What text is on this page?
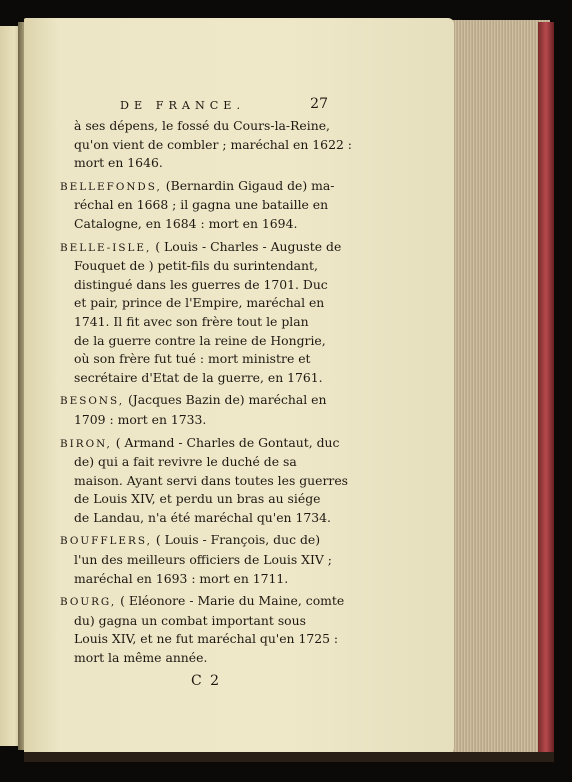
DE FRANCE.	27
à ses dépens, le fossé du Cours-la-Reine,
qu'on vient de combler ; maréchal en 1622 :
mort en 1646.
BELLEFONDS, (Bernardin Gigaud de) ma-
réchal en 1668 ; il gagna une bataille en
Catalogne, en 1684 : mort en 1694.
BELLE-ISLE, ( Louis - Charles - Auguste de
Fouquet de ) petit-fils du surintendant,
distingué dans les guerres de 1701. Duc
et pair, prince de l'Empire, maréchal en
1741. Il fit avec son frère tout le plan
de la guerre contre la reine de Hongrie,
où son frère fut tué : mort ministre et
secrétaire d'Etat de la guerre, en 1761.
BESONS, (Jacques Bazin de) maréchal en
1709 : mort en 1733.
BIRON, ( Armand - Charles de Gontaut, duc
de) qui a fait revivre le duché de sa
maison. Ayant servi dans toutes les guerres
de Louis XIV, et perdu un bras au siége
de Landau, n'a été maréchal qu'en 1734.
BOUFFLERS, ( Louis - François, duc de)
l'un des meilleurs officiers de Louis XIV ;
maréchal en 1693 : mort en 1711.
BOURG, ( Eléonore - Marie du Maine, comte
du) gagna un combat important sous
Louis XIV, et ne fut maréchal qu'en 1725 :
mort la même année.
C 2
